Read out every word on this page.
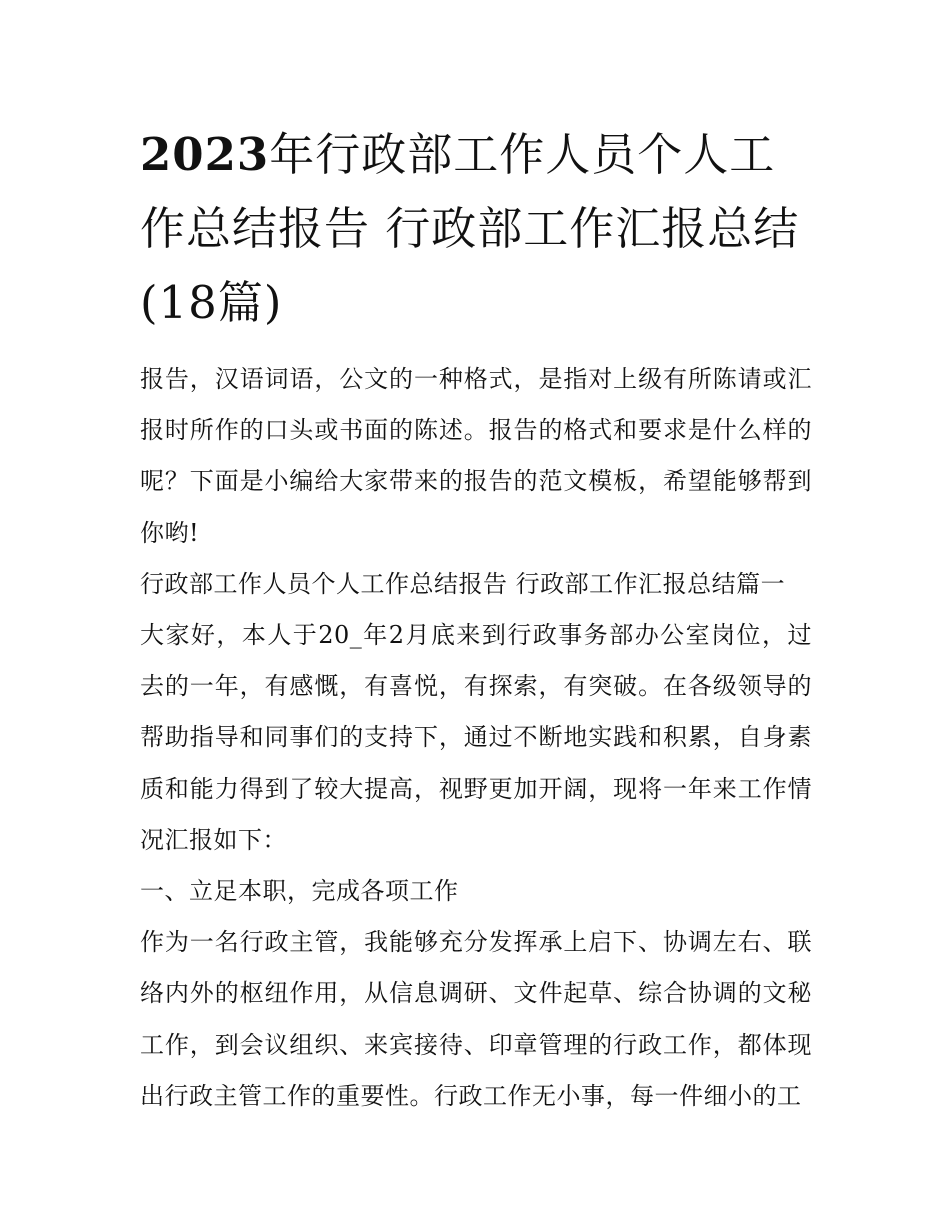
2023年行政部工作人员个人工作总结报告 行政部工作汇报总结(18篇)

报告，汉语词语，公文的一种格式，是指对上级有所陈请或汇报时所作的口头或书面的陈述。报告的格式和要求是什么样的呢？下面是小编给大家带来的报告的范文模板，希望能够帮到你哟!

行政部工作人员个人工作总结报告 行政部工作汇报总结篇一

大家好，本人于20_年2月底来到行政事务部办公室岗位，过去的一年，有感慨，有喜悦，有探索，有突破。在各级领导的帮助指导和同事们的支持下，通过不断地实践和积累，自身素质和能力得到了较大提高，视野更加开阔，现将一年来工作情况汇报如下：

一、立足本职，完成各项工作

作为一名行政主管，我能够充分发挥承上启下、协调左右、联络内外的枢纽作用，从信息调研、文件起草、综合协调的文秘工作，到会议组织、来宾接待、印章管理的行政工作，都体现出行政主管工作的重要性。行政工作无小事，每一件细小的工
